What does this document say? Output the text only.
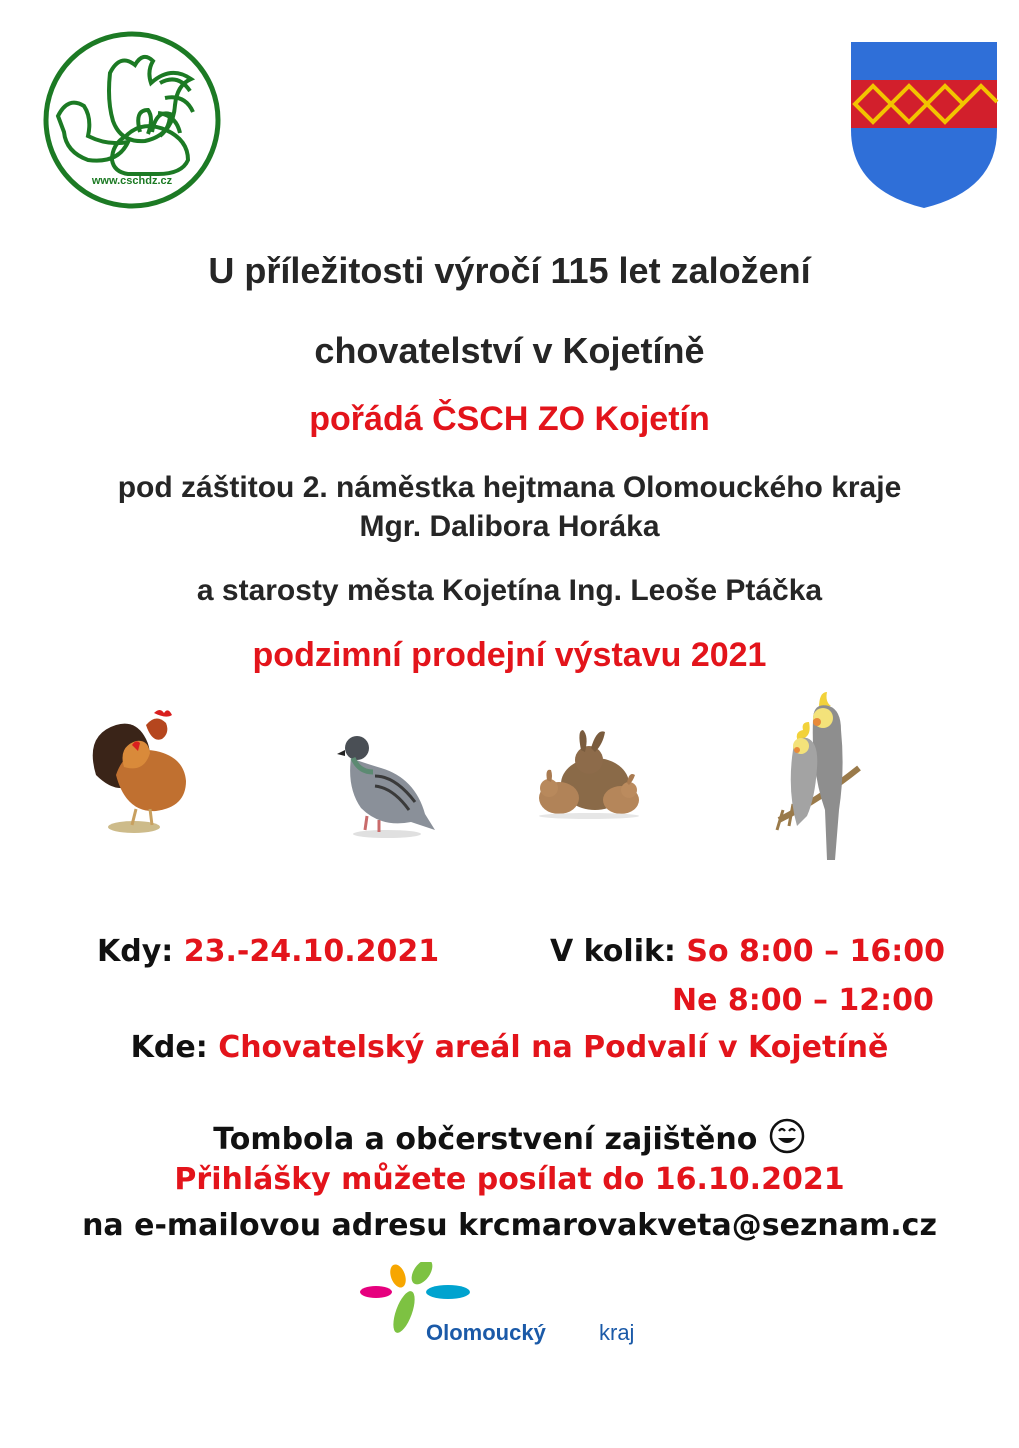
www.cschdz.cz
U příležitosti výročí 115 let založení
chovatelství v Kojetíně
pořádá ČSCH ZO Kojetín
pod záštitou 2. náměstka hejtmana Olomouckého kraje
Mgr. Dalibora Horáka
a starosty města Kojetína Ing. Leoše Ptáčka
podzimní prodejní výstavu 2021
Kdy: 23.-24.10.2021	V kolik: So 8:00 – 16:00
Ne 8:00 – 12:00
Kde: Chovatelský areál na Podvalí v Kojetíně
Tombola a občerstvení zajištěno
Přihlášky můžete posílat do 16.10.2021
na e-mailovou adresu krcmarovakveta@seznam.cz
Olomoucký kraj
